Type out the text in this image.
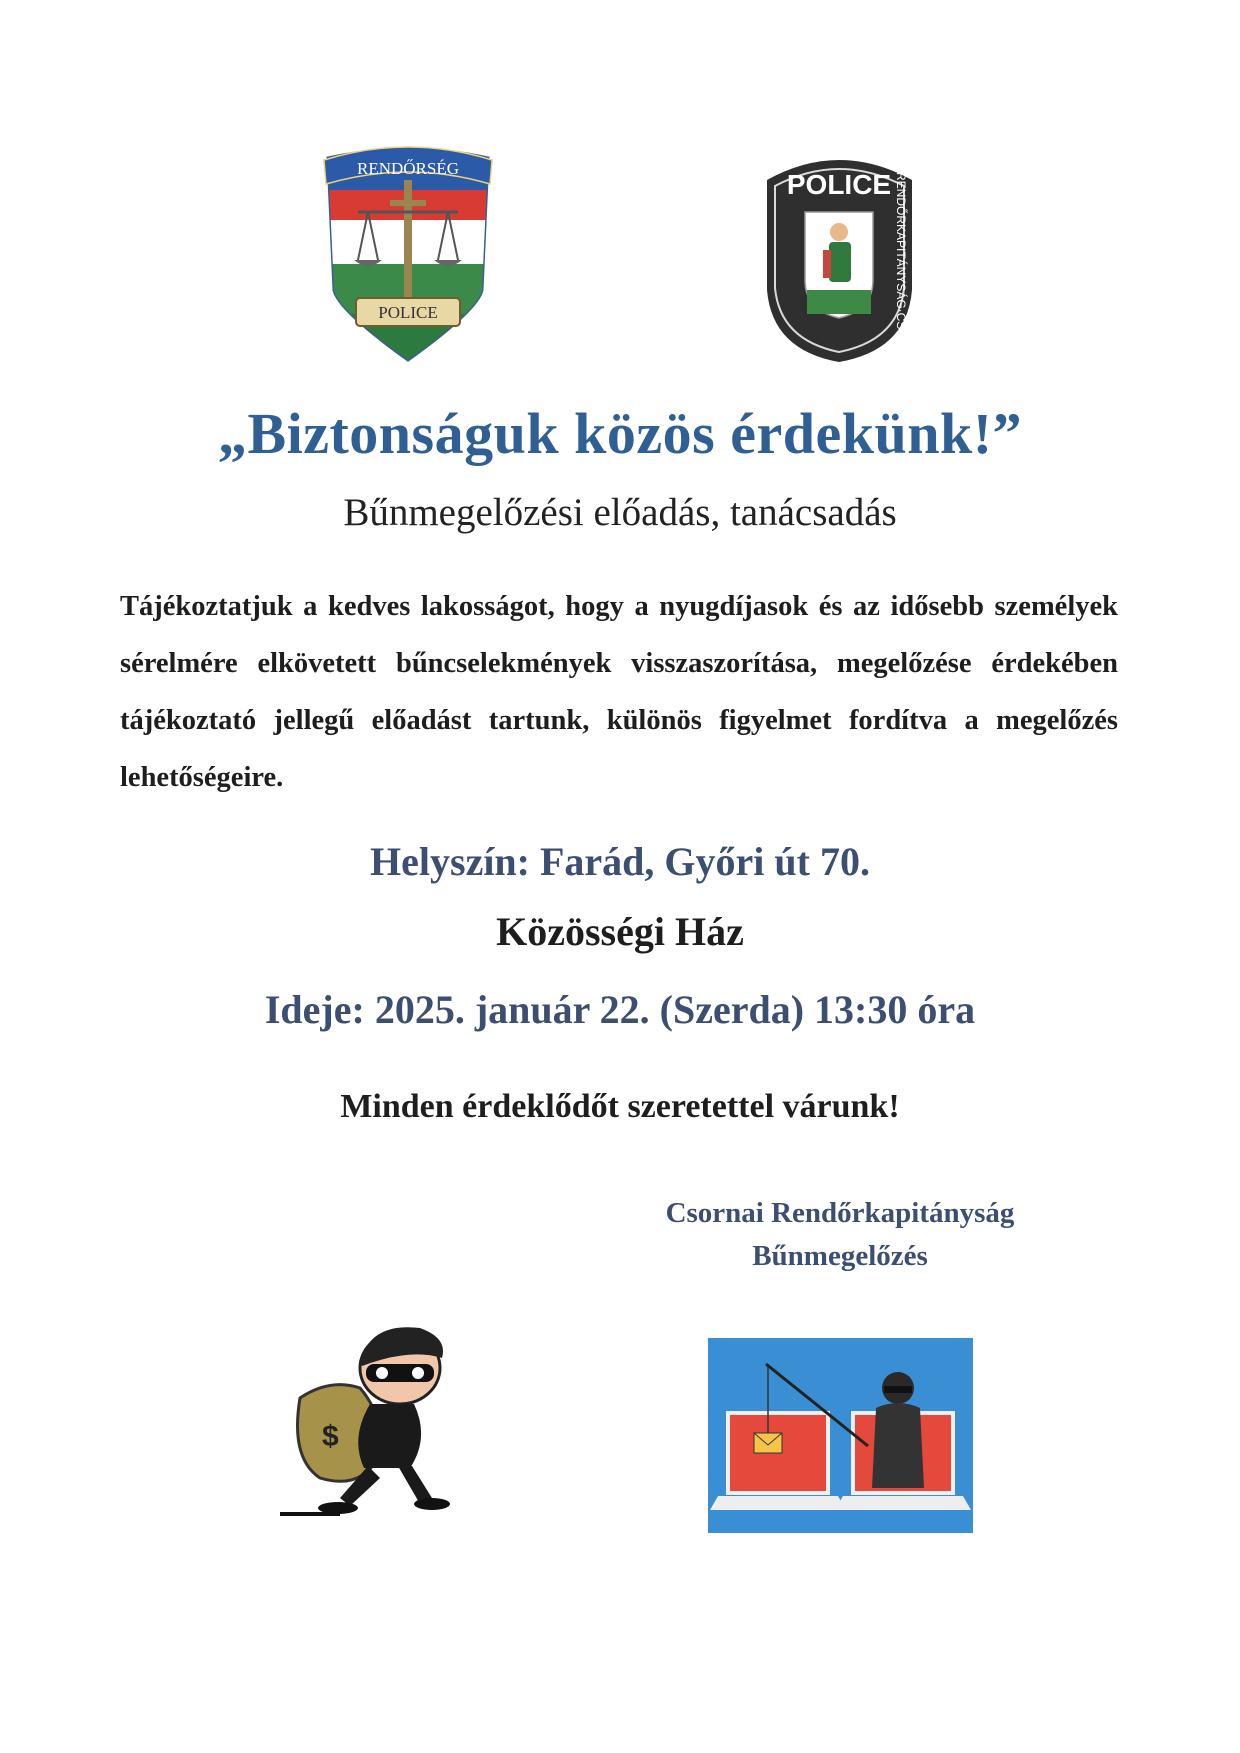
RENDŐRSÉG
POLICE
POLICE RENDŐRKAPITÁNYSÁG·CSORNA·
„Biztonságuk közös érdekünk!”
Bűnmegelőzési előadás, tanácsadás
Tájékoztatjuk a kedves lakosságot, hogy a nyugdíjasok és az idősebb személyek sérelmére elkövetett bűncselekmények visszaszorítása, megelőzése érdekében tájékoztató jellegű előadást tartunk, különös figyelmet fordítva a megelőzés lehetőségeire.
Helyszín: Farád, Győri út 70.
Közösségi Ház
Ideje: 2025. január 22. (Szerda) 13:30 óra
Minden érdeklődőt szeretettel várunk!
Csornai Rendőrkapitányság
Bűnmegelőzés
$
